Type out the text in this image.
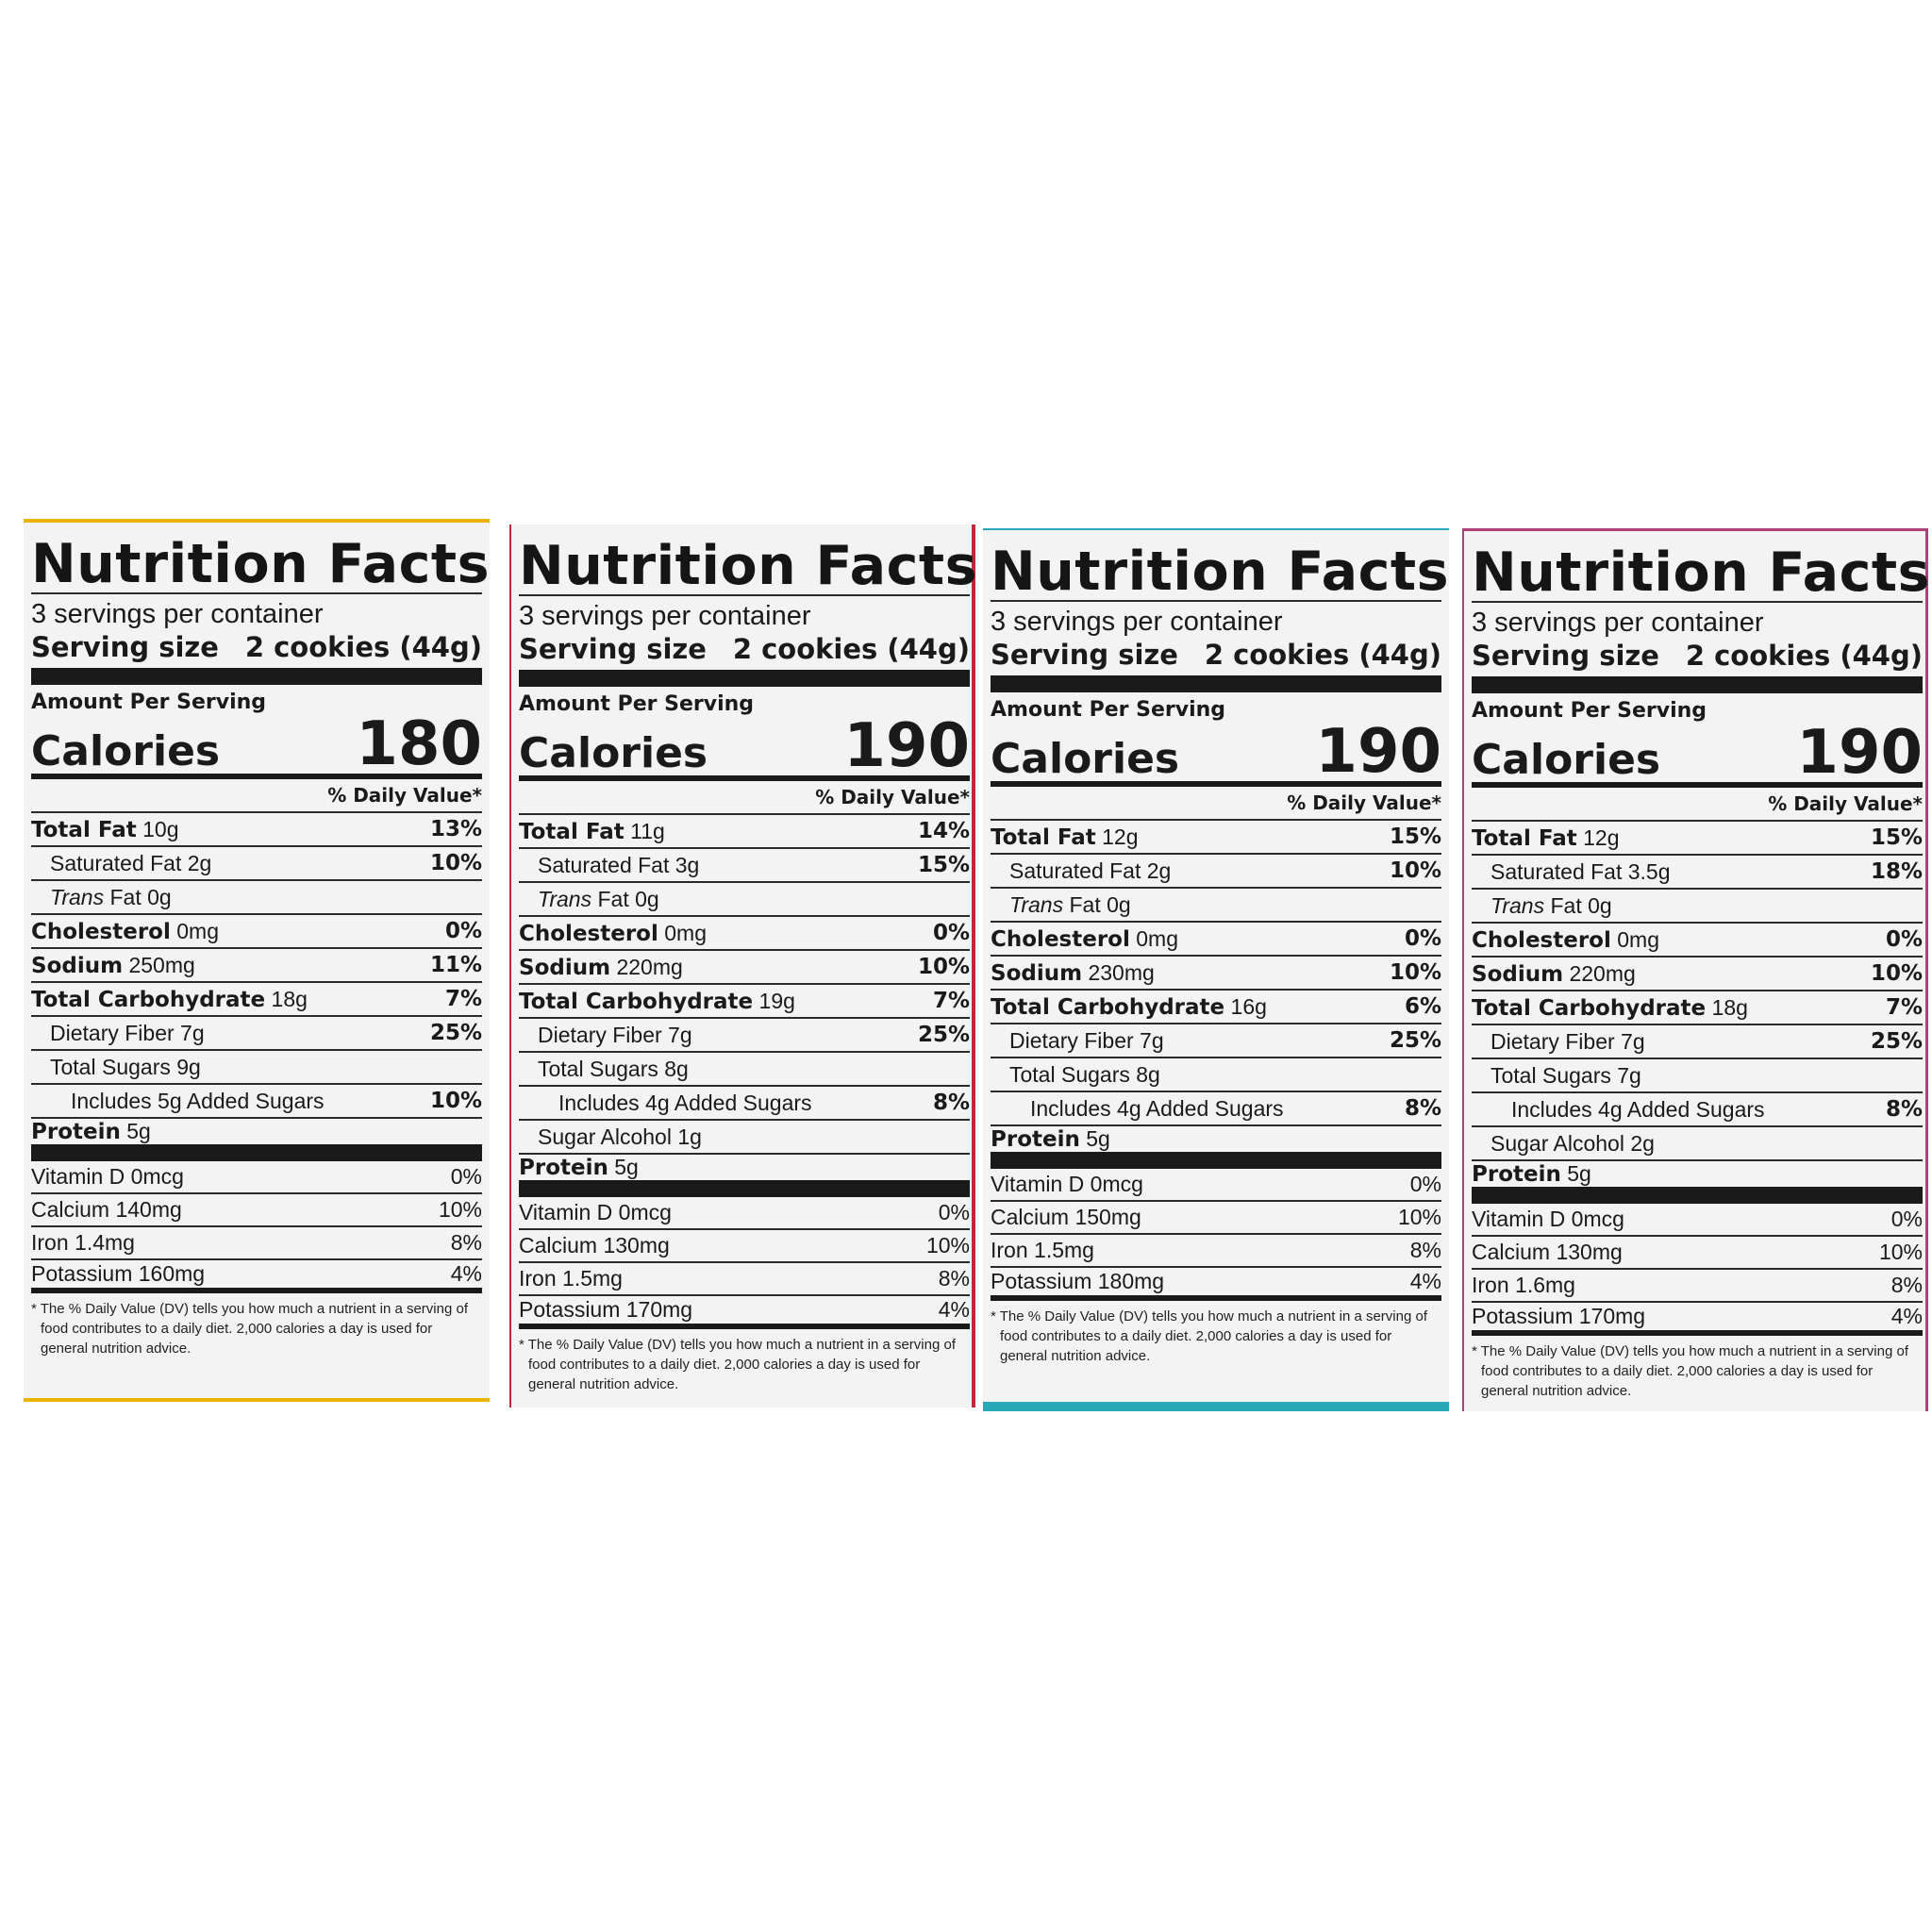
Nutrition Facts
3 servings per container
Serving size 2 cookies (44g)
Amount Per Serving
Calories 180
% Daily Value*
Total Fat 10g	13%
Saturated Fat 2g	10%
Trans Fat 0g
Cholesterol 0mg	0%
Sodium 250mg	11%
Total Carbohydrate 18g	7%
Dietary Fiber 7g	25%
Total Sugars 9g
Includes 5g Added Sugars	10%
Protein 5g
Vitamin D 0mcg	0%
Calcium 140mg	10%
Iron 1.4mg	8%
Potassium 160mg	4%
* The % Daily Value (DV) tells you how much a nutrient in a serving of food contributes to a daily diet. 2,000 calories a day is used for general nutrition advice.
Nutrition Facts
3 servings per container
Serving size 2 cookies (44g)
Amount Per Serving
Calories 190
% Daily Value*
Total Fat 11g	14%
Saturated Fat 3g	15%
Trans Fat 0g
Cholesterol 0mg	0%
Sodium 220mg	10%
Total Carbohydrate 19g	7%
Dietary Fiber 7g	25%
Total Sugars 8g
Includes 4g Added Sugars	8%
Sugar Alcohol 1g
Protein 5g
Vitamin D 0mcg	0%
Calcium 130mg	10%
Iron 1.5mg	8%
Potassium 170mg	4%
* The % Daily Value (DV) tells you how much a nutrient in a serving of food contributes to a daily diet. 2,000 calories a day is used for general nutrition advice.
Nutrition Facts
3 servings per container
Serving size 2 cookies (44g)
Amount Per Serving
Calories 190
% Daily Value*
Total Fat 12g	15%
Saturated Fat 2g	10%
Trans Fat 0g
Cholesterol 0mg	0%
Sodium 230mg	10%
Total Carbohydrate 16g	6%
Dietary Fiber 7g	25%
Total Sugars 8g
Includes 4g Added Sugars	8%
Protein 5g
Vitamin D 0mcg	0%
Calcium 150mg	10%
Iron 1.5mg	8%
Potassium 180mg	4%
* The % Daily Value (DV) tells you how much a nutrient in a serving of food contributes to a daily diet. 2,000 calories a day is used for general nutrition advice.
Nutrition Facts
3 servings per container
Serving size 2 cookies (44g)
Amount Per Serving
Calories 190
% Daily Value*
Total Fat 12g	15%
Saturated Fat 3.5g	18%
Trans Fat 0g
Cholesterol 0mg	0%
Sodium 220mg	10%
Total Carbohydrate 18g	7%
Dietary Fiber 7g	25%
Total Sugars 7g
Includes 4g Added Sugars	8%
Sugar Alcohol 2g
Protein 5g
Vitamin D 0mcg	0%
Calcium 130mg	10%
Iron 1.6mg	8%
Potassium 170mg	4%
* The % Daily Value (DV) tells you how much a nutrient in a serving of food contributes to a daily diet. 2,000 calories a day is used for general nutrition advice.
